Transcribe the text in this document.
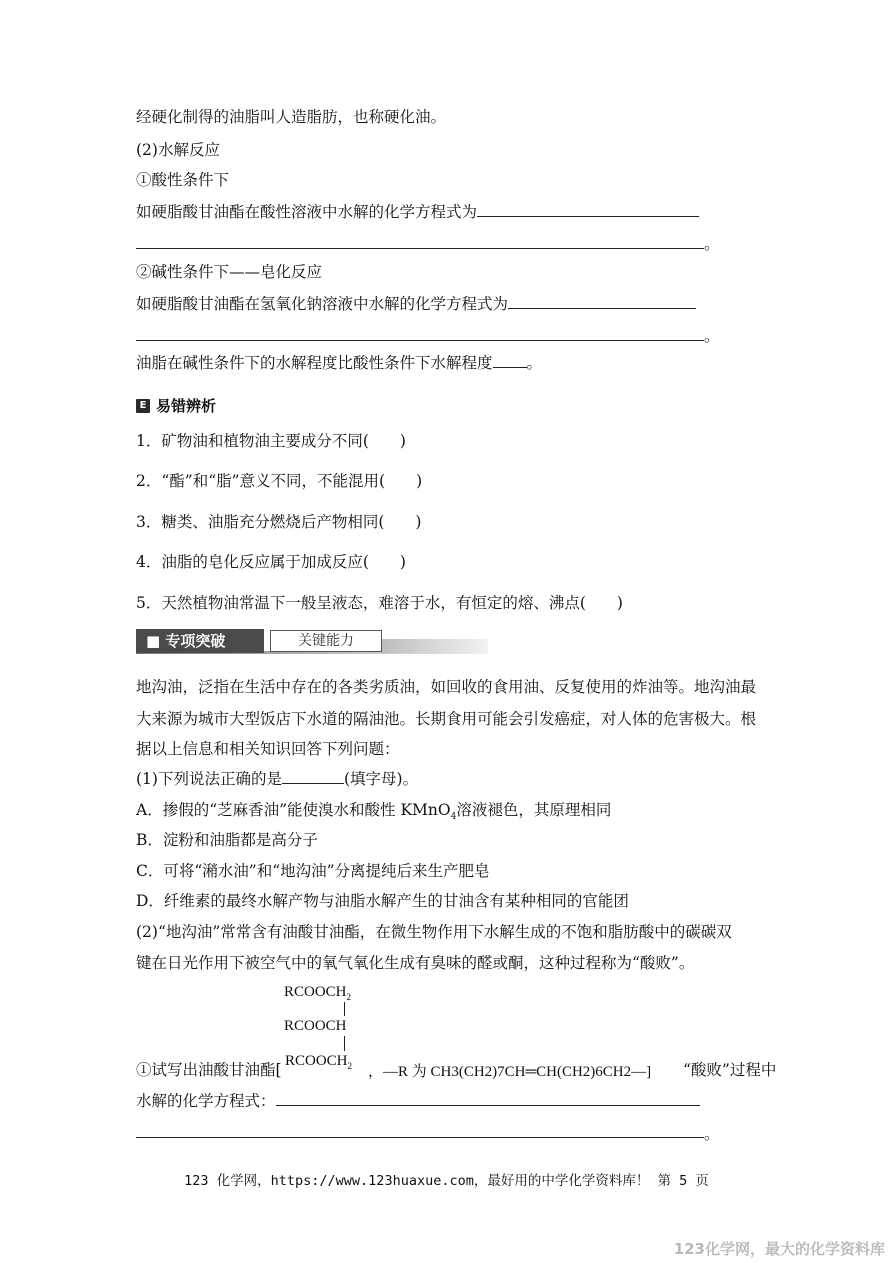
经硬化制得的油脂叫人造脂肪，也称硬化油。
(2)水解反应
①酸性条件下
如硬脂酸甘油酯在酸性溶液中水解的化学方程式为
。
②碱性条件下——皂化反应
如硬脂酸甘油酯在氢氧化钠溶液中水解的化学方程式为
。
油脂在碱性条件下的水解程度比酸性条件下水解程度 。
E 易错辨析
1．矿物油和植物油主要成分不同(　　)
2．“酯”和“脂”意义不同，不能混用(　　)
3．糖类、油脂充分燃烧后产物相同(　　)
4．油脂的皂化反应属于加成反应(　　)
5．天然植物油常温下一般呈液态，难溶于水，有恒定的熔、沸点(　　)
■ 专项突破	关键能力
地沟油，泛指在生活中存在的各类劣质油，如回收的食用油、反复使用的炸油等。地沟油最
大来源为城市大型饭店下水道的隔油池。长期食用可能会引发癌症，对人体的危害极大。根
据以上信息和相关知识回答下列问题：
(1)下列说法正确的是	(填字母)。
A．掺假的“芝麻香油”能使溴水和酸性 KMnO$_4$溶液褪色，其原理相同
B．淀粉和油脂都是高分子
C．可将“潲水油”和“地沟油”分离提纯后来生产肥皂
D．纤维素的最终水解产物与油脂水解产生的甘油含有某种相同的官能团
(2)“地沟油”常常含有油酸甘油酯，在微生物作用下水解生成的不饱和脂肪酸中的碳碳双
键在日光作用下被空气中的氧气氧化生成有臭味的醛或酮，这种过程称为“酸败”。
$RCOOCH_2$
RCOOCH
①试写出油酸甘油酯[ $RCOOCH_2$ ，—R 为 CH3(CH2)7CH═CH(CH2)6CH2—] “酸败”过程中
水解的化学方程式：
。
123 化学网，https://www.123huaxue.com，最好用的中学化学资料库！ 第 5 页
123化学网，最大的化学资料库
